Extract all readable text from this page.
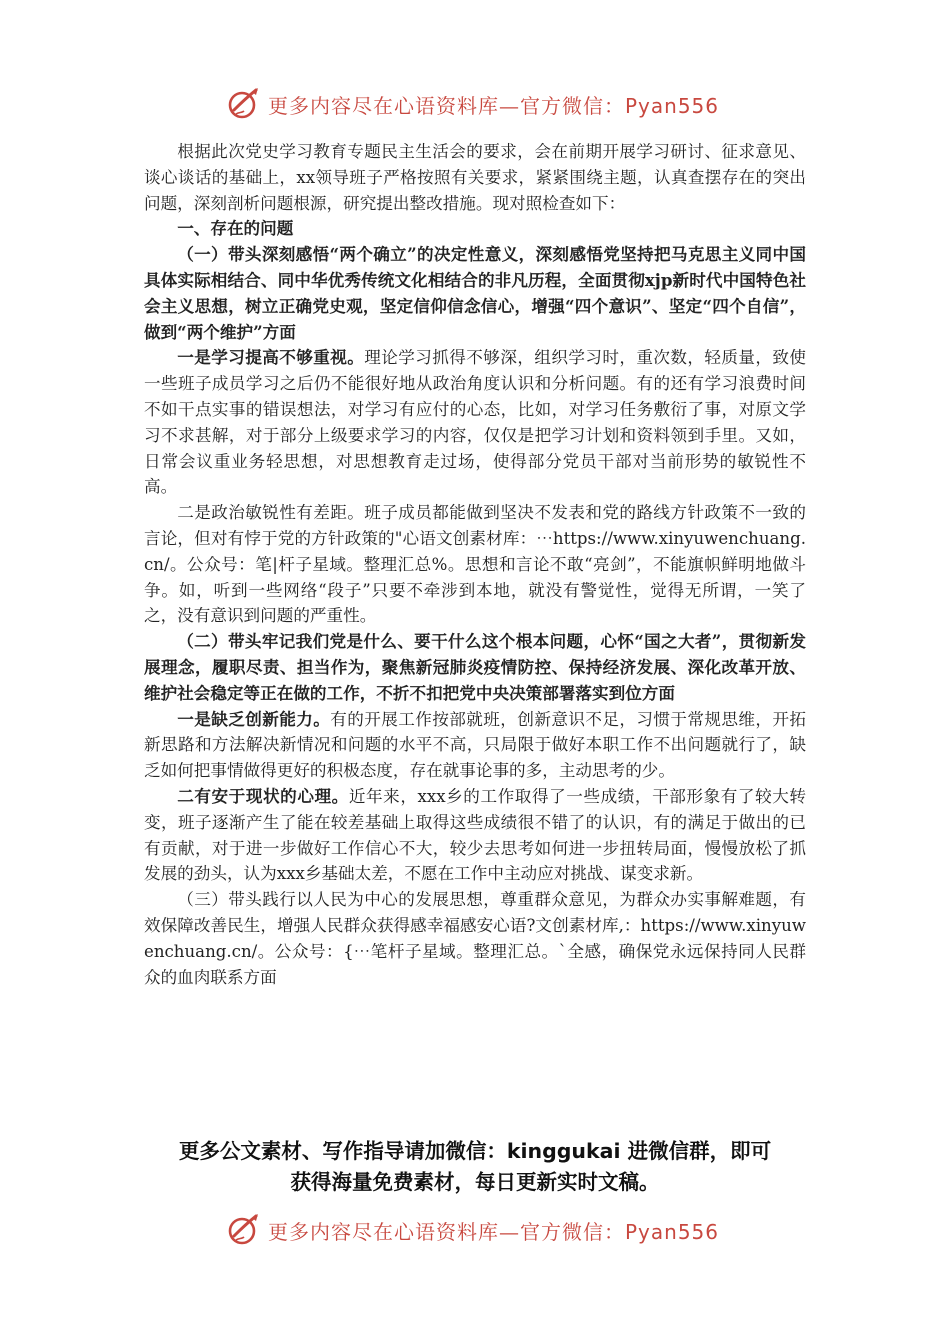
更多内容尽在心语资料库—官方微信：Pyan556

根据此次党史学习教育专题民主生活会的要求，会在前期开展学习研讨、征求意见、谈心谈话的基础上，xx领导班子严格按照有关要求，紧紧围绕主题，认真查摆存在的突出问题，深刻剖析问题根源，研究提出整改措施。现对照检查如下：

一、存在的问题

（一）带头深刻感悟“两个确立”的决定性意义，深刻感悟党坚持把马克思主义同中国具体实际相结合、同中华优秀传统文化相结合的非凡历程，全面贯彻xjp新时代中国特色社会主义思想，树立正确党史观，坚定信仰信念信心，增强“四个意识”、坚定“四个自信”，做到“两个维护”方面

一是学习提高不够重视。理论学习抓得不够深，组织学习时，重次数，轻质量，致使一些班子成员学习之后仍不能很好地从政治角度认识和分析问题。有的还有学习浪费时间不如干点实事的错误想法，对学习有应付的心态，比如，对学习任务敷衍了事，对原文学习不求甚解，对于部分上级要求学习的内容，仅仅是把学习计划和资料领到手里。又如，日常会议重业务轻思想，对思想教育走过场，使得部分党员干部对当前形势的敏锐性不高。

二是政治敏锐性有差距。班子成员都能做到坚决不发表和党的路线方针政策不一致的言论，但对有悖于党的方针政策的"心语文创素材库：⋯https://www.xinyuwenchuang.cn/。公众号：笔|杆子星域。整理汇总%。思想和言论不敢“亮剑”，不能旗帜鲜明地做斗争。如，听到一些网络“段子”只要不牵涉到本地，就没有警觉性，觉得无所谓，一笑了之，没有意识到问题的严重性。

（二）带头牢记我们党是什么、要干什么这个根本问题，心怀“国之大者”，贯彻新发展理念，履职尽责、担当作为，聚焦新冠肺炎疫情防控、保持经济发展、深化改革开放、维护社会稳定等正在做的工作，不折不扣把党中央决策部署落实到位方面

一是缺乏创新能力。有的开展工作按部就班，创新意识不足，习惯于常规思维，开拓新思路和方法解决新情况和问题的水平不高，只局限于做好本职工作不出问题就行了，缺乏如何把事情做得更好的积极态度，存在就事论事的多，主动思考的少。

二有安于现状的心理。近年来，xxx乡的工作取得了一些成绩，干部形象有了较大转变，班子逐渐产生了能在较差基础上取得这些成绩很不错了的认识，有的满足于做出的已有贡献，对于进一步做好工作信心不大，较少去思考如何进一步扭转局面，慢慢放松了抓发展的劲头，认为xxx乡基础太差，不愿在工作中主动应对挑战、谋变求新。

（三）带头践行以人民为中心的发展思想，尊重群众意见，为群众办实事解难题，有效保障改善民生，增强人民群众获得感幸福感安心语?文创素材库,：https://www.xinyuwenchuang.cn/。公众号：{⋯笔杆子星域。整理汇总。`全感，确保党永远保持同人民群众的血肉联系方面

更多公文素材、写作指导请加微信：kinggukai 进微信群，即可
获得海量免费素材，每日更新实时文稿。
更多内容尽在心语资料库—官方微信：Pyan556
